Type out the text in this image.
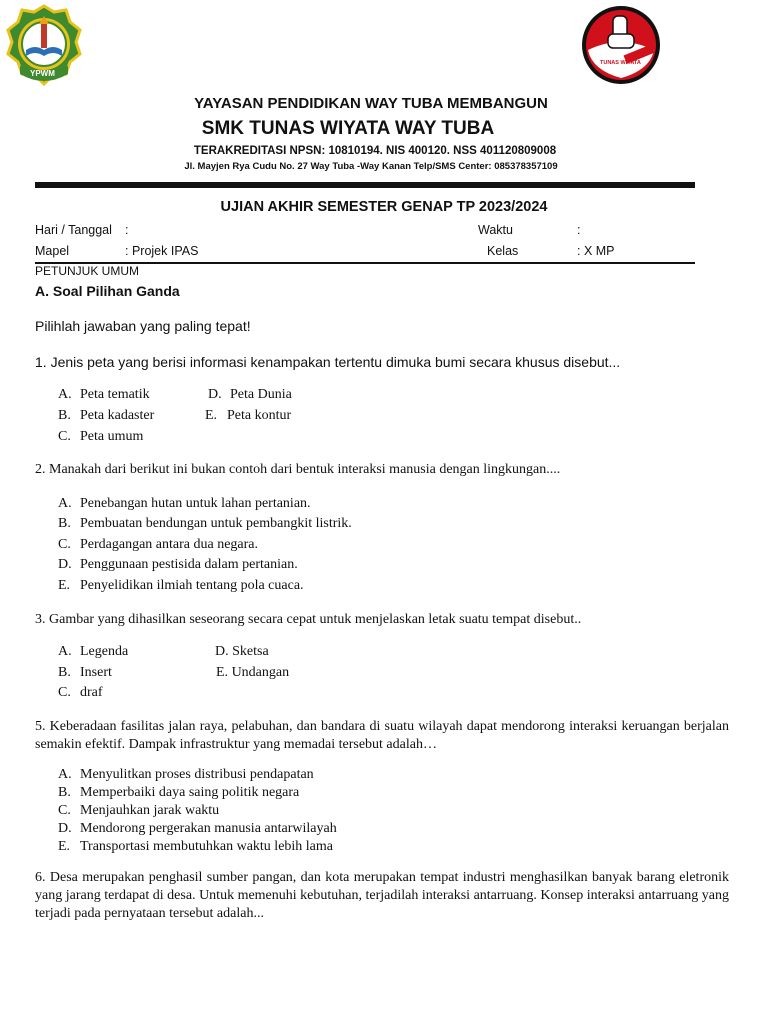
YPWM
TUNAS WIYATA
YAYASAN PENDIDIKAN WAY TUBA MEMBANGUN
SMK TUNAS WIYATA WAY TUBA
TERAKREDITASI NPSN: 10810194. NIS 400120. NSS 401120809008
Jl. Mayjen Rya Cudu No. 27 Way Tuba -Way Kanan Telp/SMS Center: 085378357109
UJIAN AKHIR SEMESTER GENAP TP 2023/2024
Hari / Tanggal :	Waktu	:
Mapel	: Projek IPAS	Kelas	: X MP
PETUNJUK UMUM
A. Soal Pilihan Ganda
Pilihlah jawaban yang paling tepat!
1. Jenis peta yang berisi informasi kenampakan tertentu dimuka bumi secara khusus disebut...
A. Peta tematik
B. Peta kadaster
C. Peta umum
D. Peta Dunia
E. Peta kontur
2. Manakah dari berikut ini bukan contoh dari bentuk interaksi manusia dengan lingkungan....
A. Penebangan hutan untuk lahan pertanian.
B. Pembuatan bendungan untuk pembangkit listrik.
C. Perdagangan antara dua negara.
D. Penggunaan pestisida dalam pertanian.
E. Penyelidikan ilmiah tentang pola cuaca.
3. Gambar yang dihasilkan seseorang secara cepat untuk menjelaskan letak suatu tempat disebut..
A. Legenda
B. Insert
C. draf
D. Sketsa
E. Undangan
5. Keberadaan fasilitas jalan raya, pelabuhan, dan bandara di suatu wilayah dapat mendorong interaksi keruangan berjalan semakin efektif. Dampak infrastruktur yang memadai tersebut adalah…
A. Menyulitkan proses distribusi pendapatan
B. Memperbaiki daya saing politik negara
C. Menjauhkan jarak waktu
D. Mendorong pergerakan manusia antarwilayah
E. Transportasi membutuhkan waktu lebih lama
6. Desa merupakan penghasil sumber pangan, dan kota merupakan tempat industri menghasilkan banyak barang eletronik yang jarang terdapat di desa. Untuk memenuhi kebutuhan, terjadilah interaksi antarruang. Konsep interaksi antarruang yang terjadi pada pernyataan tersebut adalah...
